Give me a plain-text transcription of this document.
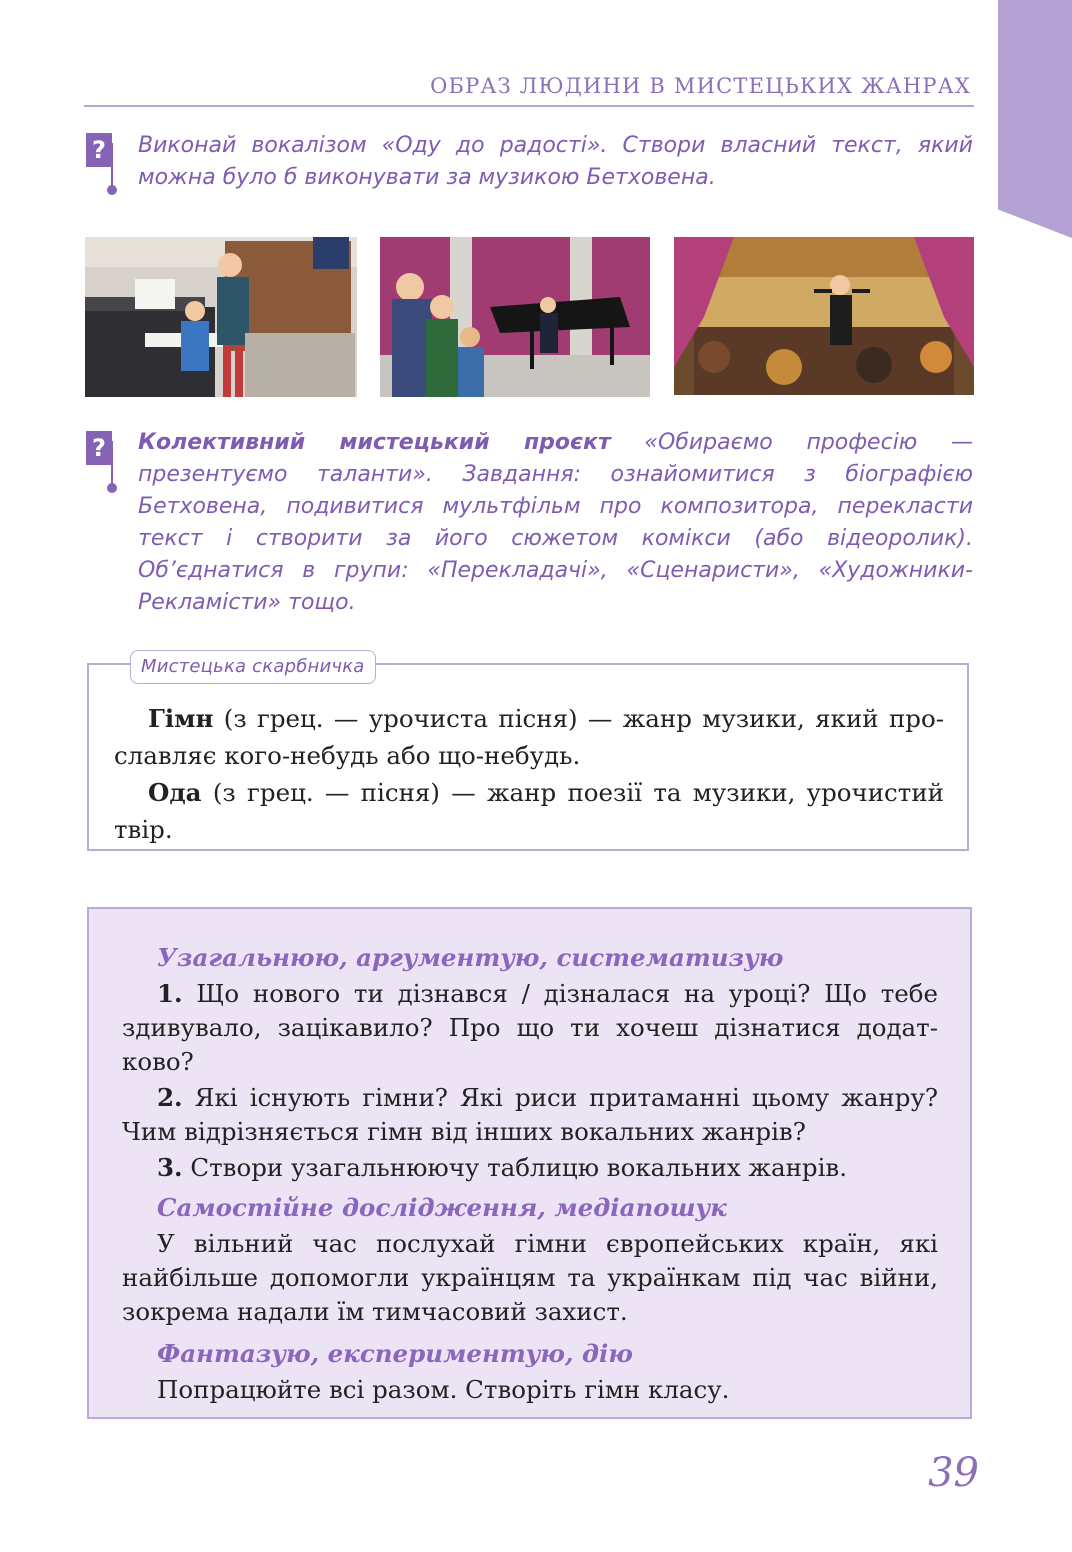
ОБРАЗ ЛЮДИНИ В МИСТЕЦЬКИХ ЖАНРАХ
? Виконай вокалізом «Оду до радості». Створи власний текст, який
можна було б виконувати за музикою Бетховена.
? Колективний мистецький проєкт «Обираємо професію —
презентуємо таланти». Завдання: ознайомитися з біографією
Бетховена, подивитися мультфільм про композитора, перекласти
текст і створити за його сюжетом комікси (або відеоролик).
Об’єднатися в групи: «Перекладачі», «Сценаристи», «Художники-
Рекламісти» тощо.
Мистецька скарбничка
Гімн (з грец. — урочиста пісня) — жанр музики, який про-
славляє кого-небудь або що-небудь.
Ода (з грец. — пісня) — жанр поезії та музики, урочистий
твір.
Узагальнюю, аргументую, систематизую
1. Що нового ти дізнався / дізналася на уроці? Що тебе
здивувало, зацікавило? Про що ти хочеш дізнатися додат-
ково?
2. Які існують гімни? Які риси притаманні цьому жанру?
Чим відрізняється гімн від інших вокальних жанрів?
3. Створи узагальнюючу таблицю вокальних жанрів.
Самостійне дослідження, медіапошук
У вільний час послухай гімни європейських країн, які
найбільше допомогли українцям та українкам під час війни,
зокрема надали їм тимчасовий захист.
Фантазую, експериментую, дію
Попрацюйте всі разом. Створіть гімн класу.
39
